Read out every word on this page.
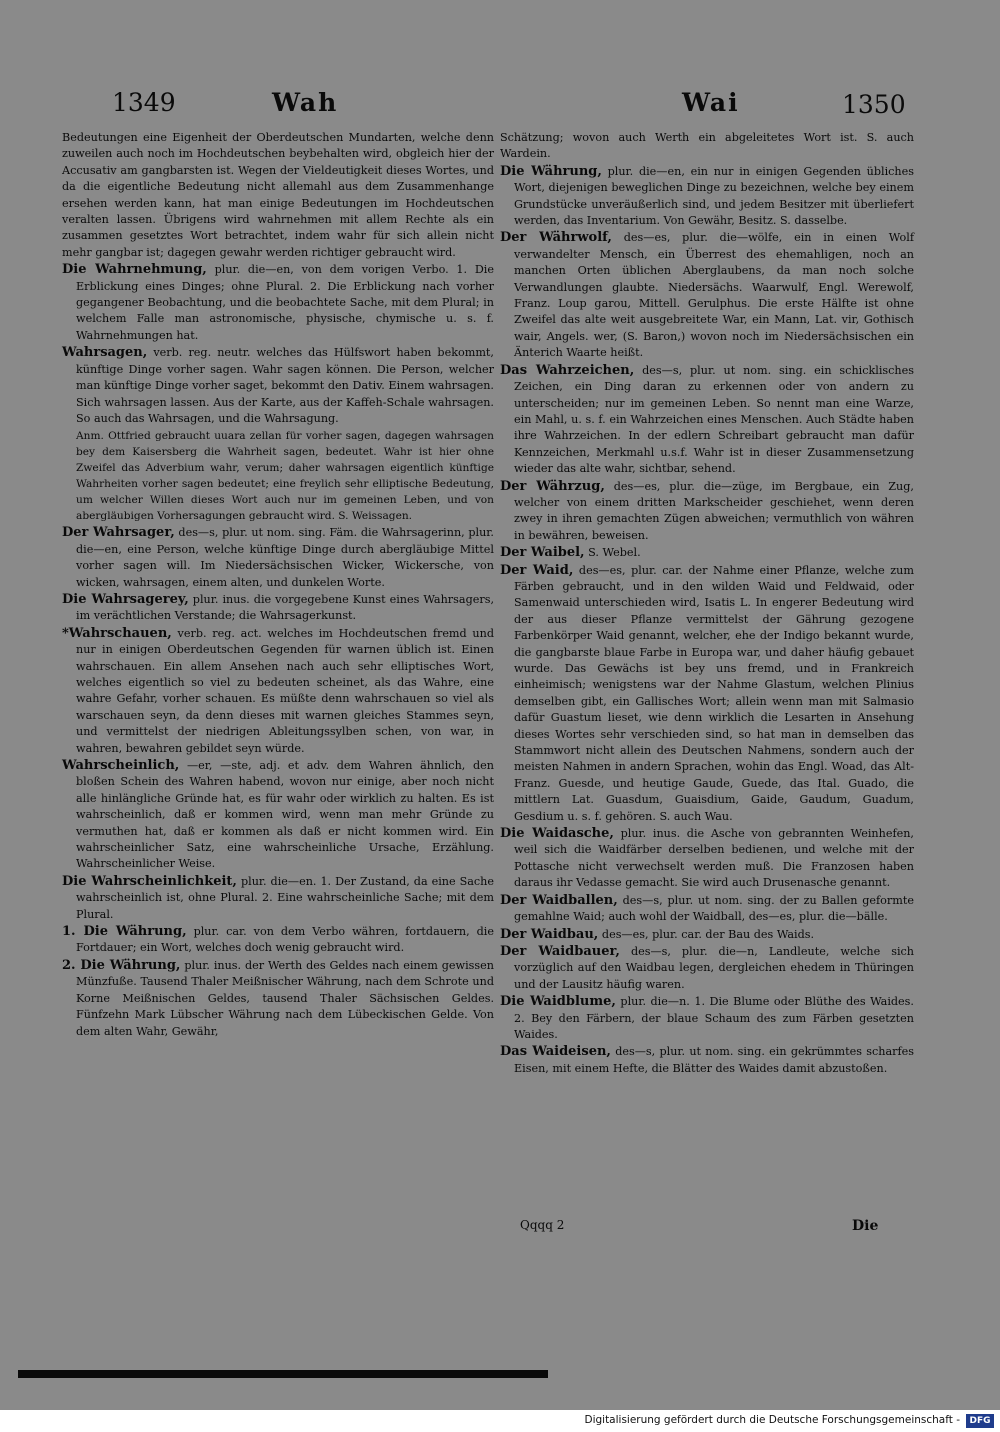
1349	Wah	Wai	1350

Bedeutungen eine Eigenheit der Oberdeutschen Mundarten, welche denn zuweilen auch noch im Hochdeutschen beybehalten wird, obgleich hier der Accusativ am gangbarsten ist. Wegen der Vieldeutigkeit dieses Wortes, und da die eigentliche Bedeutung nicht allemahl aus dem Zusammenhange ersehen werden kann, hat man einige Bedeutungen im Hochdeutschen veralten lassen. Übrigens wird wahrnehmen mit allem Rechte als ein zusammen gesetztes Wort betrachtet, indem wahr für sich allein nicht mehr gangbar ist; dagegen gewahr werden richtiger gebraucht wird.

Die Wahrnehmung, plur. die—en, von dem vorigen Verbo. 1. Die Erblickung eines Dinges; ohne Plural. 2. Die Erblickung nach vorher gegangener Beobachtung, und die beobachtete Sache, mit dem Plural; in welchem Falle man astronomische, physische, chymische u. s. f. Wahrnehmungen hat.

Wahrsagen, verb. reg. neutr. welches das Hülfswort haben bekommt, künftige Dinge vorher sagen. Wahr sagen können. Die Person, welcher man künftige Dinge vorher saget, bekommt den Dativ. Einem wahrsagen. Sich wahrsagen lassen. Aus der Karte, aus der Kaffeh-Schale wahrsagen. So auch das Wahrsagen, und die Wahrsagung.

Anm. Ottfried gebraucht uuara zellan für vorher sagen, dagegen wahrsagen bey dem Kaisersberg die Wahrheit sagen, bedeutet. Wahr ist hier ohne Zweifel das Adverbium wahr, verum; daher wahrsagen eigentlich künftige Wahrheiten vorher sagen bedeutet; eine freylich sehr elliptische Bedeutung, um welcher Willen dieses Wort auch nur im gemeinen Leben, und von abergläubigen Vorhersagungen gebraucht wird. S. Weissagen.

Der Wahrsager, des—s, plur. ut nom. sing. Fäm. die Wahrsagerinn, plur. die—en, eine Person, welche künftige Dinge durch abergläubige Mittel vorher sagen will. Im Niedersächsischen Wicker, Wickersche, von wicken, wahrsagen, einem alten, und dunkelen Worte.

Die Wahrsagerey, plur. inus. die vorgegebene Kunst eines Wahrsagers, im verächtlichen Verstande; die Wahrsagerkunst.

*Wahrschauen, verb. reg. act. welches im Hochdeutschen fremd und nur in einigen Oberdeutschen Gegenden für warnen üblich ist. Einen wahrschauen. Ein allem Ansehen nach auch sehr elliptisches Wort, welches eigentlich so viel zu bedeuten scheinet, als das Wahre, eine wahre Gefahr, vorher schauen. Es müßte denn wahrschauen so viel als warschauen seyn, da denn dieses mit warnen gleiches Stammes seyn, und vermittelst der niedrigen Ableitungssylben schen, von war, in wahren, bewahren gebildet seyn würde.

Wahrscheinlich, —er, —ste, adj. et adv. dem Wahren ähnlich, den bloßen Schein des Wahren habend, wovon nur einige, aber noch nicht alle hinlängliche Gründe hat, es für wahr oder wirklich zu halten. Es ist wahrscheinlich, daß er kommen wird, wenn man mehr Gründe zu vermuthen hat, daß er kommen als daß er nicht kommen wird. Ein wahrscheinlicher Satz, eine wahrscheinliche Ursache, Erzählung. Wahrscheinlicher Weise.

Die Wahrscheinlichkeit, plur. die—en. 1. Der Zustand, da eine Sache wahrscheinlich ist, ohne Plural. 2. Eine wahrscheinliche Sache; mit dem Plural.

1. Die Währung, plur. car. von dem Verbo währen, fortdauern, die Fortdauer; ein Wort, welches doch wenig gebraucht wird.

2. Die Währung, plur. inus. der Werth des Geldes nach einem gewissen Münzfuße. Tausend Thaler Meißnischer Währung, nach dem Schrote und Korne Meißnischen Geldes, tausend Thaler Sächsischen Geldes. Fünfzehn Mark Lübscher Währung nach dem Lübeckischen Gelde. Von dem alten Wahr, Gewähr,

Schätzung; wovon auch Werth ein abgeleitetes Wort ist. S. auch Wardein.

Die Währung, plur. die—en, ein nur in einigen Gegenden übliches Wort, diejenigen beweglichen Dinge zu bezeichnen, welche bey einem Grundstücke unveräußerlich sind, und jedem Besitzer mit überliefert werden, das Inventarium. Von Gewähr, Besitz. S. dasselbe.

Der Währwolf, des—es, plur. die—wölfe, ein in einen Wolf verwandelter Mensch, ein Überrest des ehemahligen, noch an manchen Orten üblichen Aberglaubens, da man noch solche Verwandlungen glaubte. Niedersächs. Waarwulf, Engl. Werewolf, Franz. Loup garou, Mittell. Gerulphus. Die erste Hälfte ist ohne Zweifel das alte weit ausgebreitete War, ein Mann, Lat. vir, Gothisch wair, Angels. wer, (S. Baron,) wovon noch im Niedersächsischen ein Änterich Waarte heißt.

Das Wahrzeichen, des—s, plur. ut nom. sing. ein schicklisches Zeichen, ein Ding daran zu erkennen oder von andern zu unterscheiden; nur im gemeinen Leben. So nennt man eine Warze, ein Mahl, u. s. f. ein Wahrzeichen eines Menschen. Auch Städte haben ihre Wahrzeichen. In der edlern Schreibart gebraucht man dafür Kennzeichen, Merkmahl u.s.f. Wahr ist in dieser Zusammensetzung wieder das alte wahr, sichtbar, sehend.

Der Währzug, des—es, plur. die—züge, im Bergbaue, ein Zug, welcher von einem dritten Markscheider geschiehet, wenn deren zwey in ihren gemachten Zügen abweichen; vermuthlich von währen in bewähren, beweisen.

Der Waibel, S. Webel.

Der Waid, des—es, plur. car. der Nahme einer Pflanze, welche zum Färben gebraucht, und in den wilden Waid und Feldwaid, oder Samenwaid unterschieden wird, Isatis L. In engerer Bedeutung wird der aus dieser Pflanze vermittelst der Gährung gezogene Farbenkörper Waid genannt, welcher, ehe der Indigo bekannt wurde, die gangbarste blaue Farbe in Europa war, und daher häufig gebauet wurde. Das Gewächs ist bey uns fremd, und in Frankreich einheimisch; wenigstens war der Nahme Glastum, welchen Plinius demselben gibt, ein Gallisches Wort; allein wenn man mit Salmasio dafür Guastum lieset, wie denn wirklich die Lesarten in Ansehung dieses Wortes sehr verschieden sind, so hat man in demselben das Stammwort nicht allein des Deutschen Nahmens, sondern auch der meisten Nahmen in andern Sprachen, wohin das Engl. Woad, das Alt-Franz. Guesde, und heutige Gaude, Guede, das Ital. Guado, die mittlern Lat. Guasdum, Guaisdium, Gaide, Gaudum, Guadum, Gesdium u. s. f. gehören. S. auch Wau.

Die Waidasche, plur. inus. die Asche von gebrannten Weinhefen, weil sich die Waidfärber derselben bedienen, und welche mit der Pottasche nicht verwechselt werden muß. Die Franzosen haben daraus ihr Vedasse gemacht. Sie wird auch Drusenasche genannt.

Der Waidballen, des—s, plur. ut nom. sing. der zu Ballen geformte gemahlne Waid; auch wohl der Waidball, des—es, plur. die—bälle.

Der Waidbau, des—es, plur. car. der Bau des Waids.

Der Waidbauer, des—s, plur. die—n, Landleute, welche sich vorzüglich auf den Waidbau legen, dergleichen ehedem in Thüringen und der Lausitz häufig waren.

Die Waidblume, plur. die—n. 1. Die Blume oder Blüthe des Waides. 2. Bey den Färbern, der blaue Schaum des zum Färben gesetzten Waides.

Das Waideisen, des—s, plur. ut nom. sing. ein gekrümmtes scharfes Eisen, mit einem Hefte, die Blätter des Waides damit abzustoßen.

Qqqq 2	Die
Digitalisierung gefördert durch die Deutsche Forschungsgemeinschaft -	DFG
